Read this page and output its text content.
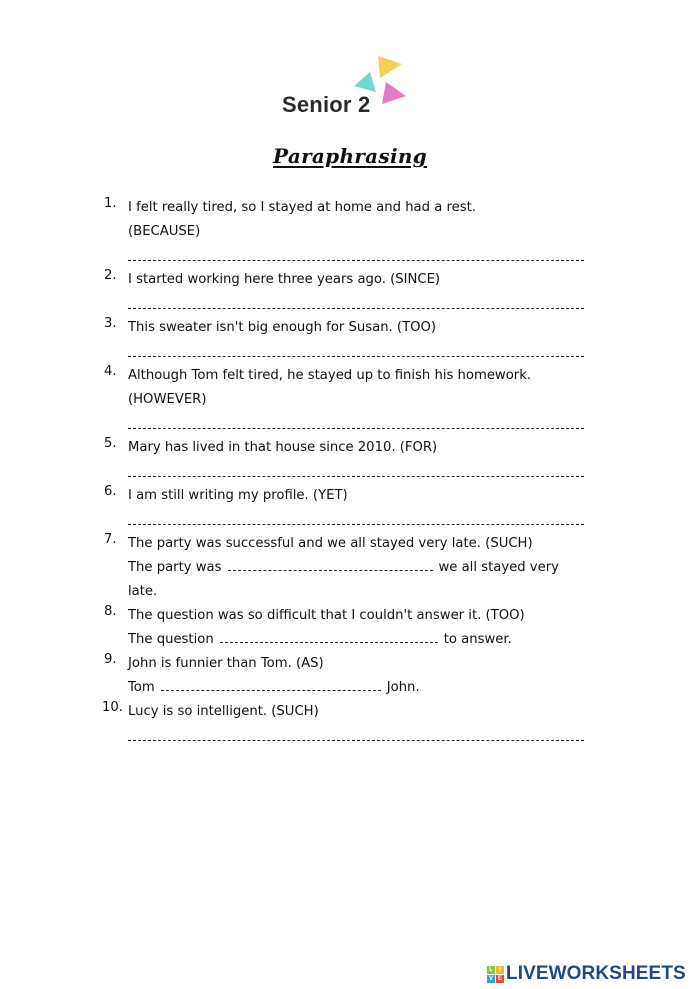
Senior 2
Paraphrasing
1. I felt really tired, so I stayed at home and had a rest.
(BECAUSE)
2. I started working here three years ago. (SINCE)
3. This sweater isn't big enough for Susan. (TOO)
4. Although Tom felt tired, he stayed up to finish his homework.
(HOWEVER)
5. Mary has lived in that house since 2010. (FOR)
6. I am still writing my profile. (YET)
7. The party was successful and we all stayed very late. (SUCH)
The party was	we all stayed very
late.
8. The question was so difficult that I couldn't answer it. (TOO)
The question	to answer.
9. John is funnier than Tom. (AS)
Tom	John.
10. Lucy is so intelligent. (SUCH)
L	I
V E LIVEWORKSHEETS
